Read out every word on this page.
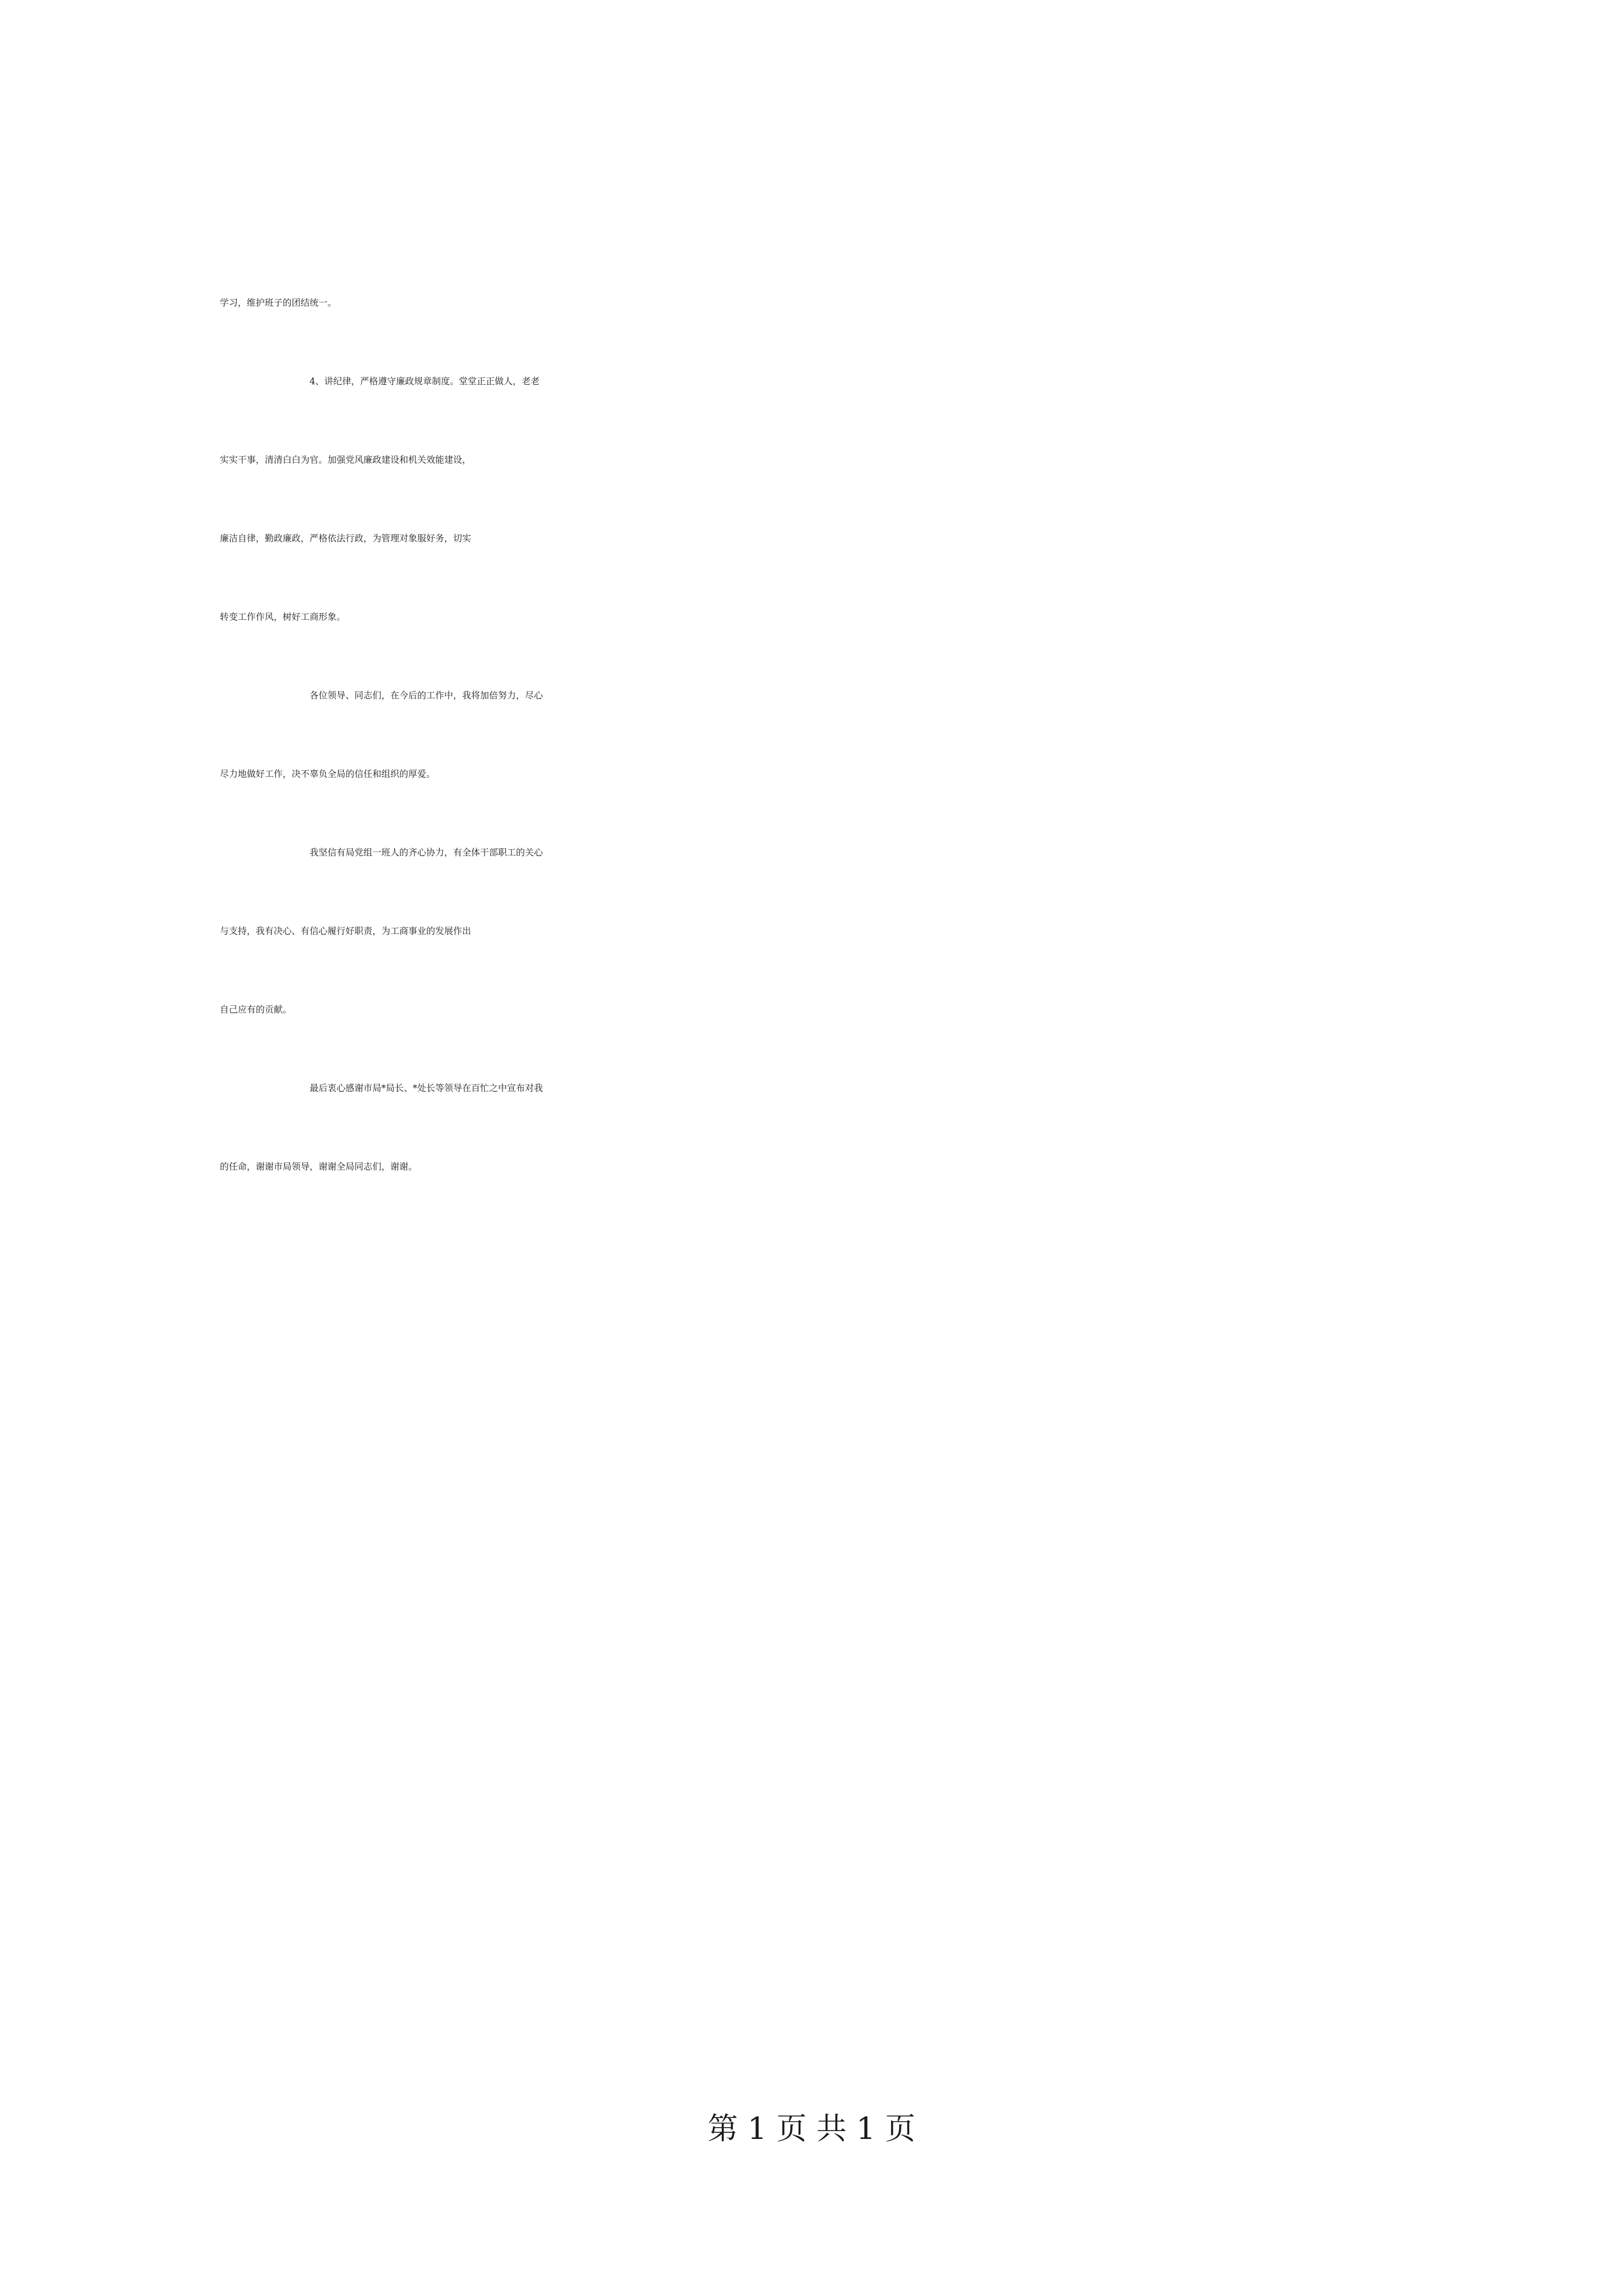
学习，维护班子的团结统一。
4、讲纪律，严格遵守廉政规章制度。堂堂正正做人，老老
实实干事，清清白白为官。加强党风廉政建设和机关效能建设，
廉洁自律，勤政廉政，严格依法行政，为管理对象服好务，切实
转变工作作风，树好工商形象。
各位领导、同志们，在今后的工作中，我将加倍努力，尽心
尽力地做好工作，决不辜负全局的信任和组织的厚爱。
我坚信有局党组一班人的齐心协力，有全体干部职工的关心
与支持，我有决心、有信心履行好职责，为工商事业的发展作出
自己应有的贡献。
最后衷心感谢市局*局长、*处长等领导在百忙之中宣布对我
的任命，谢谢市局领导，谢谢全局同志们，谢谢。
第 1 页 共 1 页
